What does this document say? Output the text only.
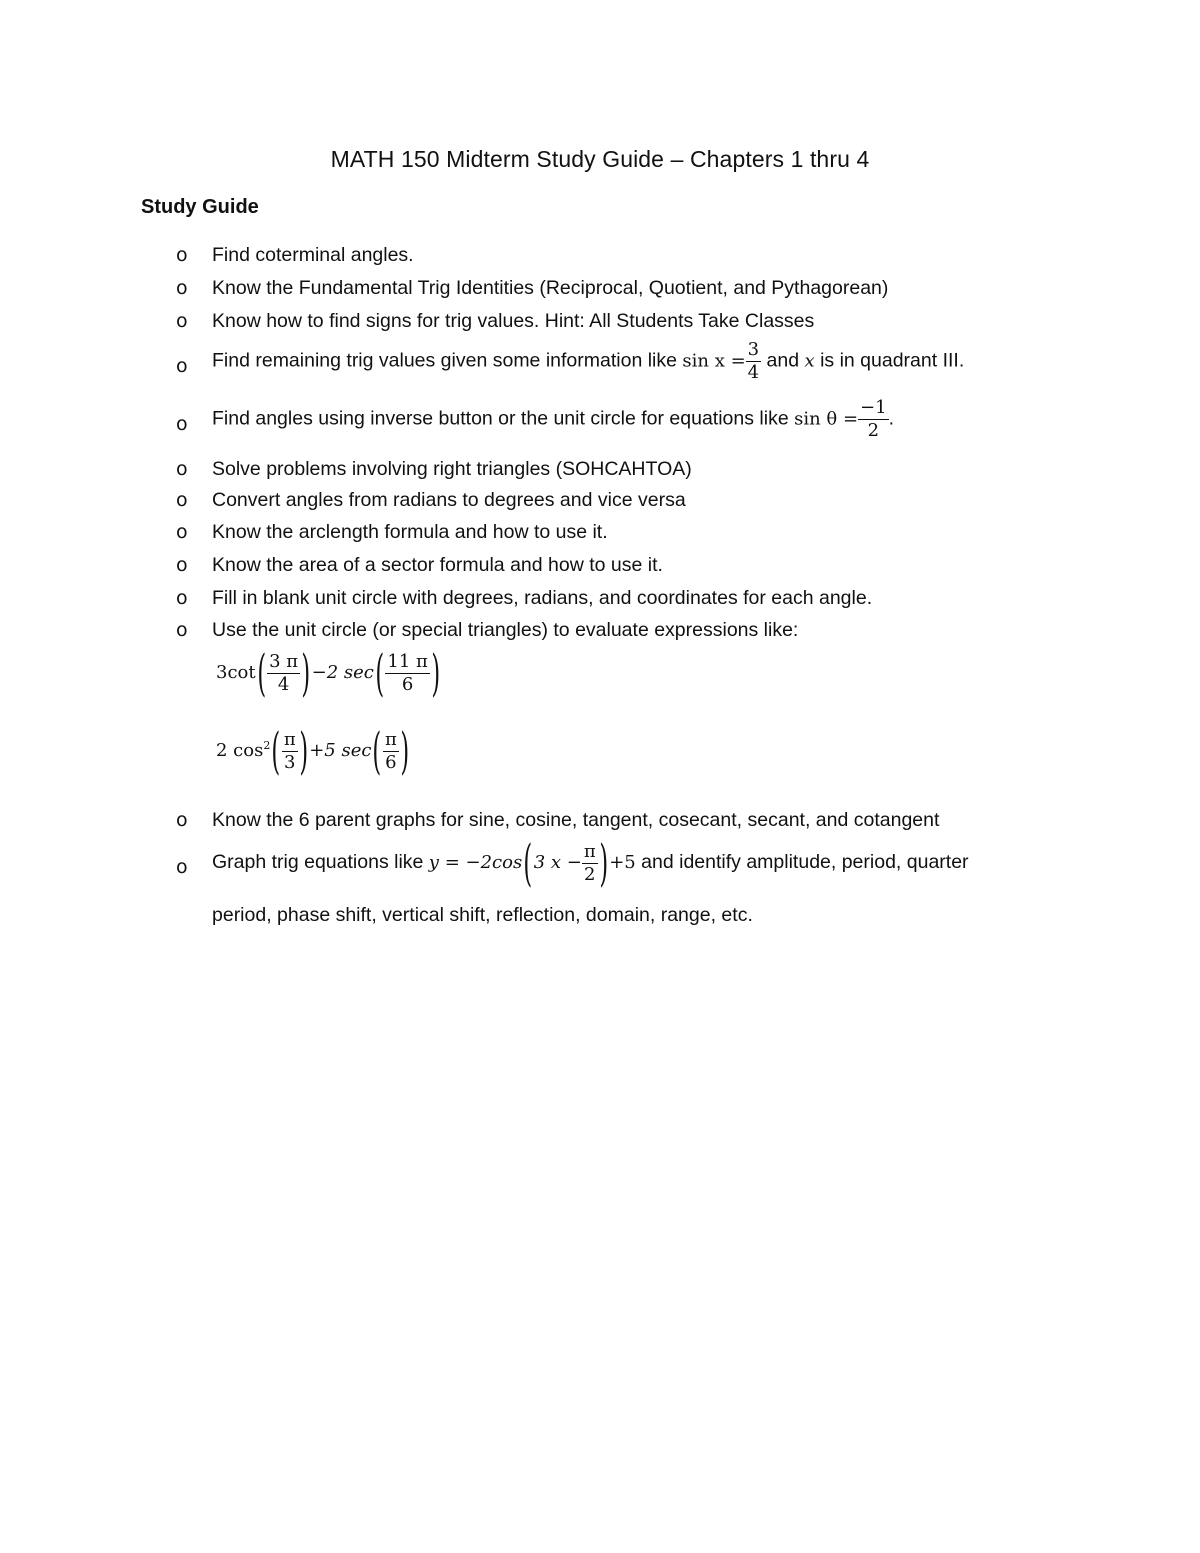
MATH 150 Midterm Study Guide – Chapters 1 thru 4
Study Guide
o Find coterminal angles.
o Know the Fundamental Trig Identities (Reciprocal, Quotient, and Pythagorean)
o Know how to find signs for trig values. Hint: All Students Take Classes
o Find remaining trig values given some information like $\sin x = \frac{3}{4}$ and x is in quadrant III.
o Find angles using inverse button or the unit circle for equations like $\sin \theta = \frac{-1}{2}$ .
o Solve problems involving right triangles (SOHCAHTOA)
o Convert angles from radians to degrees and vice versa
o Know the arclength formula and how to use it.
o Know the area of a sector formula and how to use it.
o Fill in blank unit circle with degrees, radians, and coordinates for each angle.
o Use the unit circle (or special triangles) to evaluate expressions like:
$3\cot( \frac{3 \pi}{4} )-2$ $\sec( \frac{11 \pi}{6}$ )
2 $\cos^2( \frac{\pi}{3} )+5$ $\sec( \frac{\pi}{6}$ )
o Know the 6 parent graphs for sine, cosine, tangent, cosecant, secant, and cotangent
o Graph trig equations like y = −2cos(3 $x - \frac{\pi}{2} )+5$ and identify amplitude, period, quarter
period, phase shift, vertical shift, reflection, domain, range, etc.
